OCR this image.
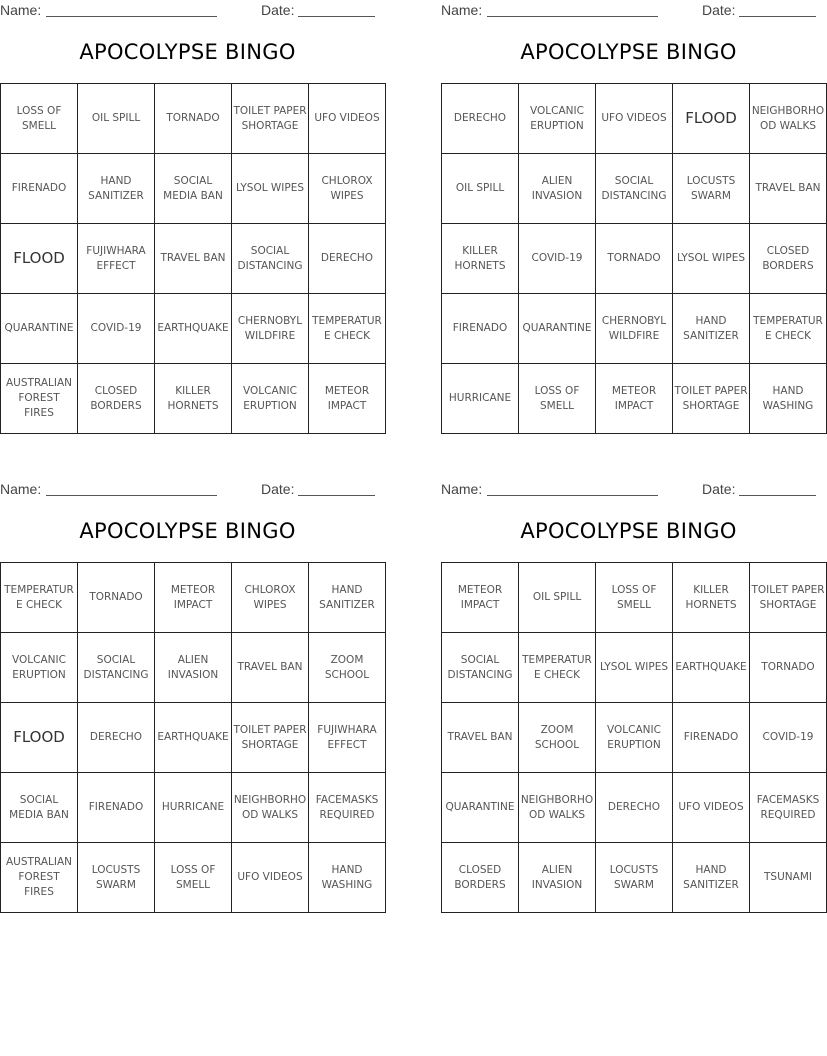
Name:	Date:
APOCOLYPSE BINGO
LOSS OF SMELL	OIL SPILL	TORNADO	TOILET PAPER SHORTAGE	UFO VIDEOS
FIRENADO	HAND SANITIZER	SOCIAL MEDIA BAN	LYSOL WIPES	CHLOROX WIPES
FLOOD	FUJIWHARA EFFECT	TRAVEL BAN	SOCIAL DISTANCING	DERECHO
QUARANTINE	COVID-19	EARTHQUAKE	CHERNOBYL WILDFIRE	TEMPERATURE CHECK
AUSTRALIAN FOREST FIRES	CLOSED BORDERS	KILLER HORNETS	VOLCANIC ERUPTION	METEOR IMPACT
Name:	Date:
APOCOLYPSE BINGO
DERECHO	VOLCANIC ERUPTION	UFO VIDEOS	FLOOD	NEIGHBORHOOD WALKS
OIL SPILL	ALIEN INVASION	SOCIAL DISTANCING	LOCUSTS SWARM	TRAVEL BAN
KILLER HORNETS	COVID-19	TORNADO	LYSOL WIPES	CLOSED BORDERS
FIRENADO	QUARANTINE	CHERNOBYL WILDFIRE	HAND SANITIZER	TEMPERATURE CHECK
HURRICANE	LOSS OF SMELL	METEOR IMPACT	TOILET PAPER SHORTAGE	HAND WASHING
Name:	Date:
APOCOLYPSE BINGO
TEMPERATURE CHECK	TORNADO	METEOR IMPACT	CHLOROX WIPES	HAND SANITIZER
VOLCANIC ERUPTION	SOCIAL DISTANCING	ALIEN INVASION	TRAVEL BAN	ZOOM SCHOOL
FLOOD	DERECHO	EARTHQUAKE	TOILET PAPER SHORTAGE	FUJIWHARA EFFECT
SOCIAL MEDIA BAN	FIRENADO	HURRICANE	NEIGHBORHOOD WALKS	FACEMASKS REQUIRED
AUSTRALIAN FOREST FIRES	LOCUSTS SWARM	LOSS OF SMELL	UFO VIDEOS	HAND WASHING
Name:	Date:
APOCOLYPSE BINGO
METEOR IMPACT	OIL SPILL	LOSS OF SMELL	KILLER HORNETS	TOILET PAPER SHORTAGE
SOCIAL DISTANCING	TEMPERATURE CHECK	LYSOL WIPES	EARTHQUAKE	TORNADO
TRAVEL BAN	ZOOM SCHOOL	VOLCANIC ERUPTION	FIRENADO	COVID-19
QUARANTINE	NEIGHBORHOOD WALKS	DERECHO	UFO VIDEOS	FACEMASKS REQUIRED
CLOSED BORDERS	ALIEN INVASION	LOCUSTS SWARM	HAND SANITIZER	TSUNAMI
